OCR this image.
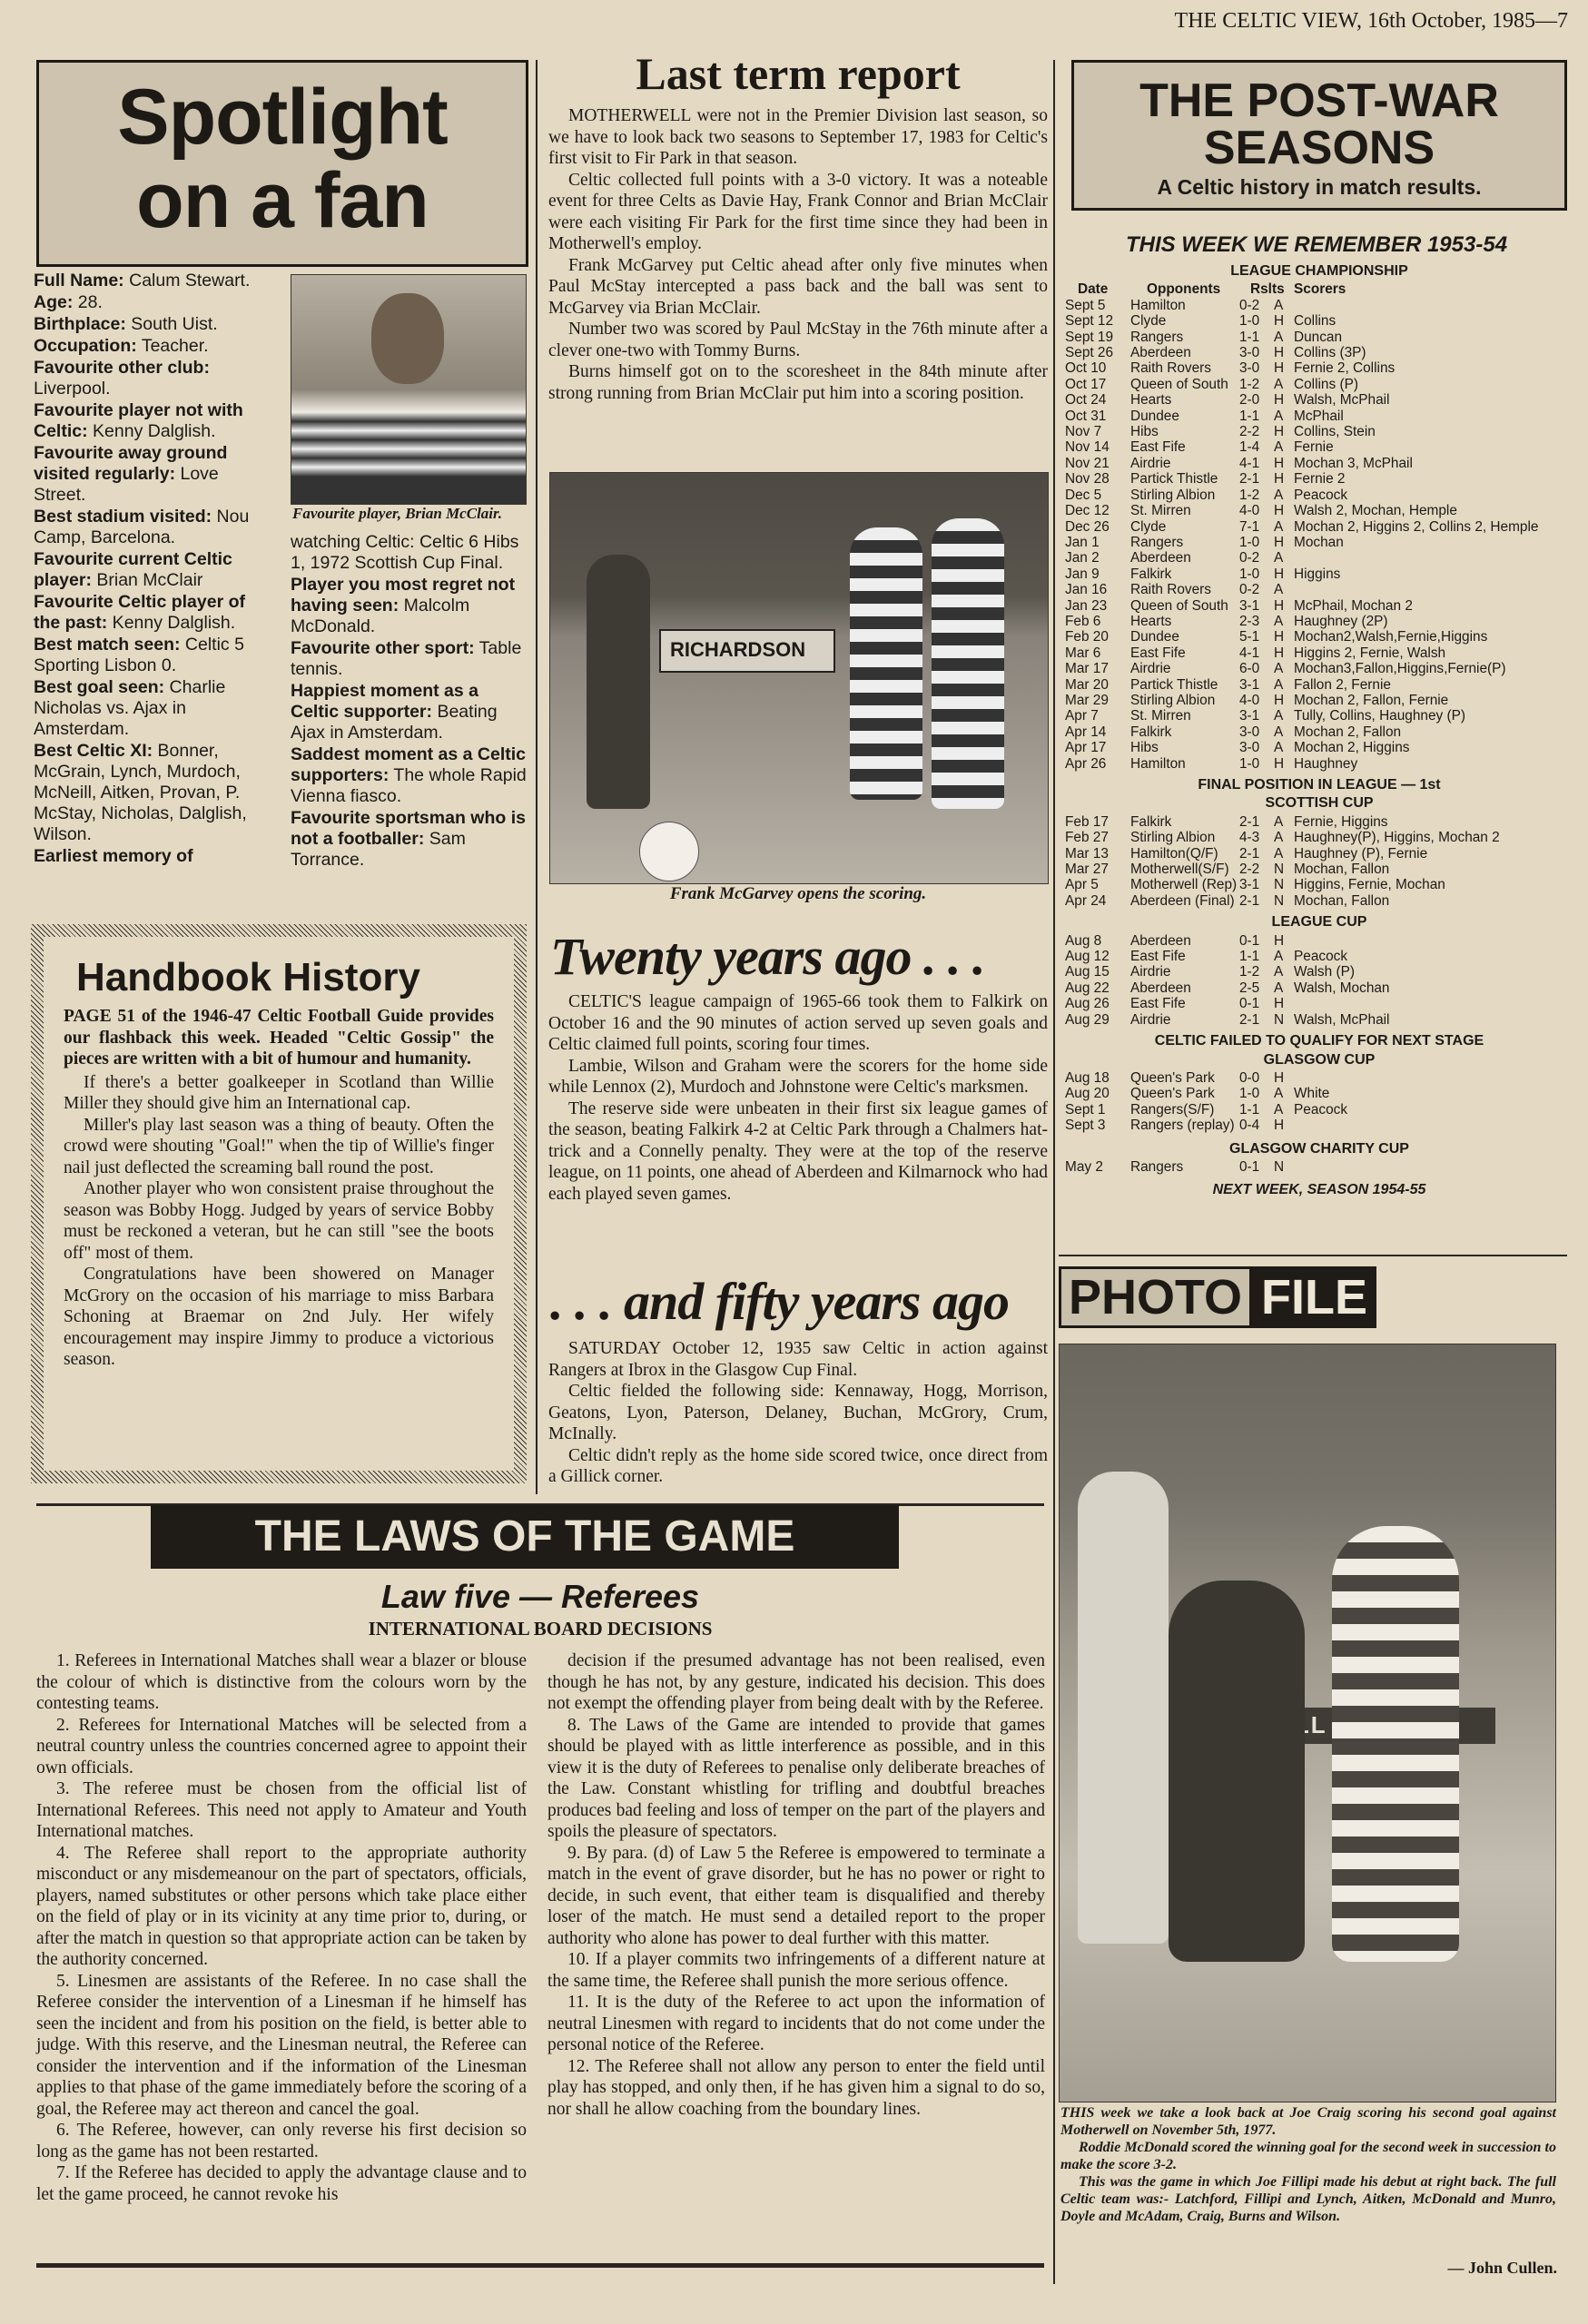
THE CELTIC VIEW, 16th October, 1985—7
Spotlight
on a fan
Full Name: Calum Stewart.
Age: 28.
Birthplace: South Uist.
Occupation: Teacher.
Favourite other club: Liverpool.
Favourite player not with Celtic: Kenny Dalglish.
Favourite away ground visited regularly: Love Street.
Best stadium visited: Nou Camp, Barcelona.
Favourite current Celtic player: Brian McClair
Favourite Celtic player of the past: Kenny Dalglish.
Best match seen: Celtic 5 Sporting Lisbon 0.
Best goal seen: Charlie Nicholas vs. Ajax in Amsterdam.
Best Celtic XI: Bonner, McGrain, Lynch, Murdoch, McNeill, Aitken, Provan, P. McStay, Nicholas, Dalglish, Wilson.
Earliest memory of
Favourite player, Brian McClair.
watching Celtic: Celtic 6 Hibs 1, 1972 Scottish Cup Final.
Player you most regret not having seen: Malcolm McDonald.
Favourite other sport: Table tennis.
Happiest moment as a Celtic supporter: Beating Ajax in Amsterdam.
Saddest moment as a Celtic supporters: The whole Rapid Vienna fiasco.
Favourite sportsman who is not a footballer: Sam Torrance.
Last term report

MOTHERWELL were not in the Premier Division last season, so we have to look back two seasons to September 17, 1983 for Celtic's first visit to Fir Park in that season.

Celtic collected full points with a 3-0 victory. It was a noteable event for three Celts as Davie Hay, Frank Connor and Brian McClair were each visiting Fir Park for the first time since they had been in Motherwell's employ.

Frank McGarvey put Celtic ahead after only five minutes when Paul McStay intercepted a pass back and the ball was sent to McGarvey via Brian McClair.

Number two was scored by Paul McStay in the 76th minute after a clever one-two with Tommy Burns.

Burns himself got on to the scoresheet in the 84th minute after strong running from Brian McClair put him into a scoring position.

RICHARDSON
Frank McGarvey opens the scoring.
THE POST-WAR
SEASONS
A Celtic history in match results.
THIS WEEK WE REMEMBER 1953-54
LEAGUE CHAMPIONSHIP
Date	Opponents	Rslts Scorers
Sept 5	Hamilton	0-2	A
Sept 12	Clyde	1-0	H Collins
Sept 19	Rangers	1-1	A Duncan
Sept 26	Aberdeen	3-0	H Collins (3P)
Oct 10	Raith Rovers	3-0	H Fernie 2, Collins
Oct 17	Queen of South 1-2	A Collins (P)
Oct 24	Hearts	2-0	H Walsh, McPhail
Oct 31	Dundee	1-1	A McPhail
Nov 7	Hibs	2-2	H Collins, Stein
Nov 14	East Fife	1-4	A Fernie
Nov 21	Airdrie	4-1	H Mochan 3, McPhail
Nov 28	Partick Thistle	2-1	H Fernie 2
Dec 5	Stirling Albion	1-2	A Peacock
Dec 12	St. Mirren	4-0	H Walsh 2, Mochan, Hemple
Dec 26	Clyde	7-1	A Mochan 2, Higgins 2, Collins 2, Hemple
Jan 1	Rangers	1-0	H Mochan
Jan 2	Aberdeen	0-2	A
Jan 9	Falkirk	1-0	H Higgins
Jan 16	Raith Rovers	0-2	A
Jan 23	Queen of South 3-1	H McPhail, Mochan 2
Feb 6	Hearts	2-3	A Haughney (2P)
Feb 20	Dundee	5-1	H Mochan2,Walsh,Fernie,Higgins
Mar 6	East Fife	4-1	H Higgins 2, Fernie, Walsh
Mar 17	Airdrie	6-0	A Mochan3,Fallon,Higgins,Fernie(P)
Mar 20	Partick Thistle	3-1	A Fallon 2, Fernie
Mar 29	Stirling Albion	4-0	H Mochan 2, Fallon, Fernie
Apr 7	St. Mirren	3-1	A Tully, Collins, Haughney (P)
Apr 14	Falkirk	3-0	A Mochan 2, Fallon
Apr 17	Hibs	3-0	A Mochan 2, Higgins
Apr 26	Hamilton	1-0	H Haughney
FINAL POSITION IN LEAGUE — 1st
SCOTTISH CUP
Feb 17	Falkirk	2-1	A Fernie, Higgins
Feb 27	Stirling Albion	4-3	A Haughney(P), Higgins, Mochan 2
Mar 13	Hamilton(Q/F)	2-1	A Haughney (P), Fernie
Mar 27	Motherwell(S/F) 2-2	N Mochan, Fallon
Apr 5	Motherwell (Rep) 3-1	N Higgins, Fernie, Mochan
Apr 24	Aberdeen (Final) 2-1	N Mochan, Fallon
LEAGUE CUP
Aug 8	Aberdeen	0-1	H
Aug 12	East Fife	1-1	A Peacock
Aug 15	Airdrie	1-2	A Walsh (P)
Aug 22	Aberdeen	2-5	A Walsh, Mochan
Aug 26	East Fife	0-1	H
Aug 29	Airdrie	2-1	N Walsh, McPhail
CELTIC FAILED TO QUALIFY FOR NEXT STAGE
GLASGOW CUP
Aug 18	Queen's Park	0-0	H
Aug 20	Queen's Park	1-0	A White
Sept 1	Rangers(S/F)	1-1	A Peacock
Sept 3	Rangers (replay) 0-4	H
GLASGOW CHARITY CUP
May 2	Rangers	0-1	N
NEXT WEEK, SEASON 1954-55
Handbook History
PAGE 51 of the 1946-47 Celtic Football Guide provides our flashback this week. Headed "Celtic Gossip" the pieces are written with a bit of humour and humanity.

If there's a better goalkeeper in Scotland than Willie Miller they should give him an International cap.

Miller's play last season was a thing of beauty. Often the crowd were shouting "Goal!" when the tip of Willie's finger nail just deflected the screaming ball round the post.

Another player who won consistent praise throughout the season was Bobby Hogg. Judged by years of service Bobby must be reckoned a veteran, but he can still "see the boots off" most of them.

Congratulations have been showered on Manager McGrory on the occasion of his marriage to miss Barbara Schoning at Braemar on 2nd July. Her wifely encouragement may inspire Jimmy to produce a victorious season.

Twenty years ago . . .

CELTIC'S league campaign of 1965-66 took them to Falkirk on October 16 and the 90 minutes of action served up seven goals and Celtic claimed full points, scoring four times.

Lambie, Wilson and Graham were the scorers for the home side while Lennox (2), Murdoch and Johnstone were Celtic's marksmen.

The reserve side were unbeaten in their first six league games of the season, beating Falkirk 4-2 at Celtic Park through a Chalmers hat-trick and a Connelly penalty. They were at the top of the reserve league, on 11 points, one ahead of Aberdeen and Kilmarnock who had each played seven games.

. . . and fifty years ago

SATURDAY October 12, 1935 saw Celtic in action against Rangers at Ibrox in the Glasgow Cup Final.

Celtic fielded the following side: Kennaway, Hogg, Morrison, Geatons, Lyon, Paterson, Delaney, Buchan, McGrory, Crum, McInally.

Celtic didn't reply as the home side scored twice, once direct from a Gillick corner.

THE LAWS OF THE GAME
Law five — Referees
INTERNATIONAL BOARD DECISIONS

1. Referees in International Matches shall wear a blazer or blouse the colour of which is distinctive from the colours worn by the contesting teams.

2. Referees for International Matches will be selected from a neutral country unless the countries concerned agree to appoint their own officials.

3. The referee must be chosen from the official list of International Referees. This need not apply to Amateur and Youth International matches.

4. The Referee shall report to the appropriate authority misconduct or any misdemeanour on the part of spectators, officials, players, named substitutes or other persons which take place either on the field of play or in its vicinity at any time prior to, during, or after the match in question so that appropriate action can be taken by the authority concerned.

5. Linesmen are assistants of the Referee. In no case shall the Referee consider the intervention of a Linesman if he himself has seen the incident and from his position on the field, is better able to judge. With this reserve, and the Linesman neutral, the Referee can consider the intervention and if the information of the Linesman applies to that phase of the game immediately before the scoring of a goal, the Referee may act thereon and cancel the goal.

6. The Referee, however, can only reverse his first decision so long as the game has not been restarted.

7. If the Referee has decided to apply the advantage clause and to let the game proceed, he cannot revoke his

decision if the presumed advantage has not been realised, even though he has not, by any gesture, indicated his decision. This does not exempt the offending player from being dealt with by the Referee.

8. The Laws of the Game are intended to provide that games should be played with as little interference as possible, and in this view it is the duty of Referees to penalise only deliberate breaches of the Law. Constant whistling for trifling and doubtful breaches produces bad feeling and loss of temper on the part of the players and spoils the pleasure of spectators.

9. By para. (d) of Law 5 the Referee is empowered to terminate a match in the event of grave disorder, but he has no power or right to decide, in such event, that either team is disqualified and thereby loser of the match. He must send a detailed report to the proper authority who alone has power to deal further with this matter.

10. If a player commits two infringements of a different nature at the same time, the Referee shall punish the more serious offence.

11. It is the duty of the Referee to act upon the information of neutral Linesmen with regard to incidents that do not come under the personal notice of the Referee.

12. The Referee shall not allow any person to enter the field until play has stopped, and only then, if he has given him a signal to do so, nor shall he allow coaching from the boundary lines.

PHOTO FILE

THIS week we take a look back at Joe Craig scoring his second goal against Motherwell on November 5th, 1977.

Roddie McDonald scored the winning goal for the second week in succession to make the score 3-2.

This was the game in which Joe Fillipi made his debut at right back. The full Celtic team was:- Latchford, Fillipi and Lynch, Aitken, McDonald and Munro, Doyle and McAdam, Craig, Burns and Wilson.

— John Cullen.
